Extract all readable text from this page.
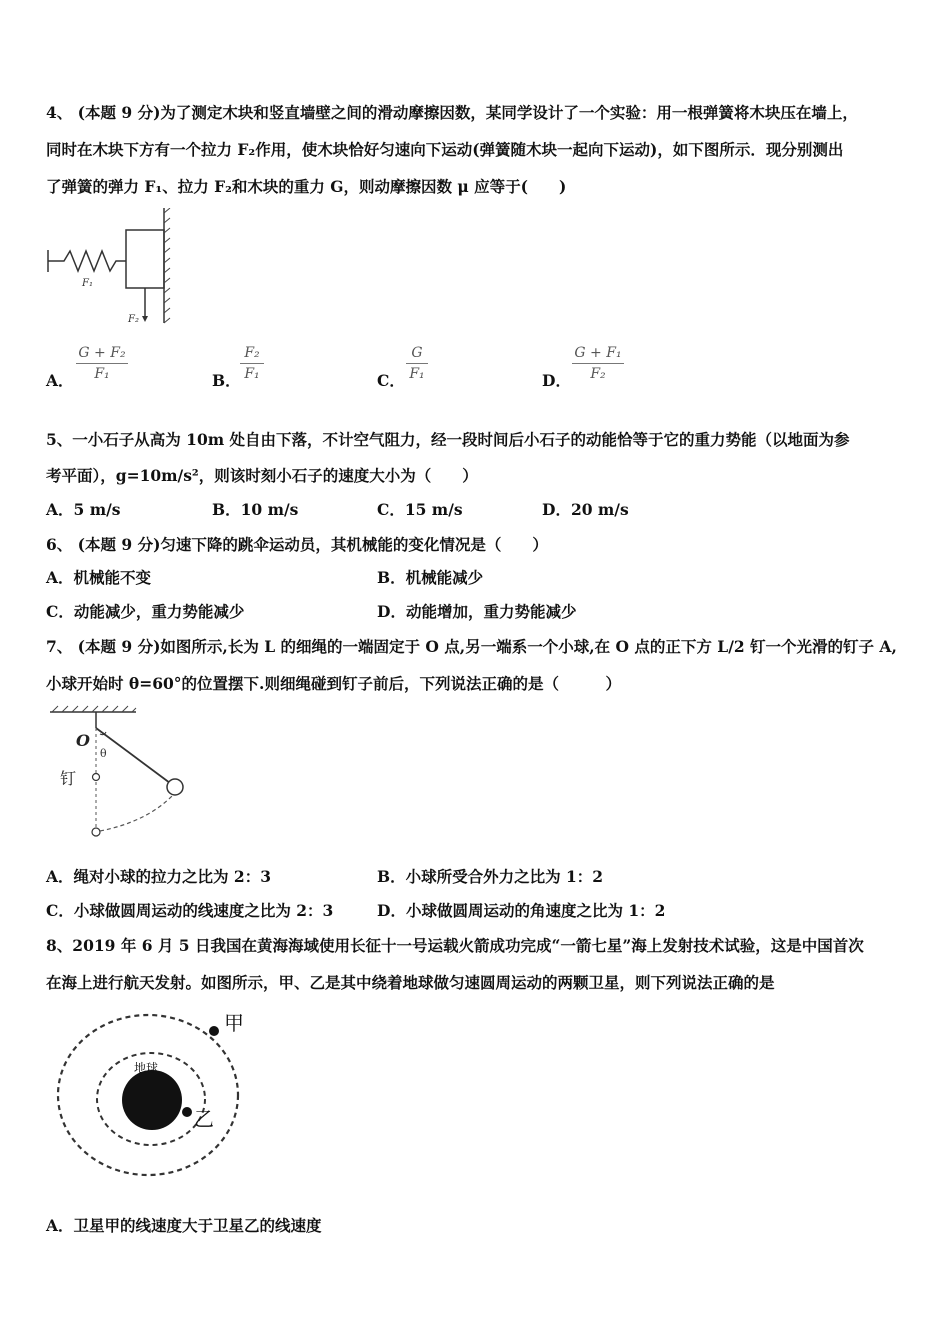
4、 (本题 9 分)为了测定木块和竖直墙壁之间的滑动摩擦因数，某同学设计了一个实验：用一根弹簧将木块压在墙上，
同时在木块下方有一个拉力 F₂作用，使木块恰好匀速向下运动(弹簧随木块一起向下运动)，如下图所示．现分别测出
了弹簧的弹力 F₁、拉力 F₂和木块的重力 G，则动摩擦因数 μ 应等于(　　)
F₁
F₂
A．
G + F₂
F₁	B．
F₂
F₁	C．
G
F₁	D．
G + F₁
F₂
5、一小石子从高为 10m 处自由下落，不计空气阻力，经一段时间后小石子的动能恰等于它的重力势能（以地面为参
考平面），g=10m/s²，则该时刻小石子的速度大小为（　　）
A．5 m/s	B．10 m/s	C．15 m/s	D．20 m/s
6、 (本题 9 分)匀速下降的跳伞运动员，其机械能的变化情况是（　　）
A．机械能不变	B．机械能减少
C．动能减少，重力势能减少	D．动能增加，重力势能减少
7、 (本题 9 分)如图所示,长为 L 的细绳的一端固定于 O 点,另一端系一个小球,在 O 点的正下方 L/2 钉一个光滑的钉子 A,
小球开始时 θ=60°的位置摆下.则细绳碰到钉子前后，下列说法正确的是（　　　）
O
θ
钉
A．绳对小球的拉力之比为 2：3	B．小球所受合外力之比为 1：2
C．小球做圆周运动的线速度之比为 2：3	D．小球做圆周运动的角速度之比为 1：2
8、2019 年 6 月 5 日我国在黄海海域使用长征十一号运载火箭成功完成“一箭七星”海上发射技术试验，这是中国首次
在海上进行航天发射。如图所示，甲、乙是其中绕着地球做匀速圆周运动的两颗卫星，则下列说法正确的是
地球
甲
乙
A．卫星甲的线速度大于卫星乙的线速度
